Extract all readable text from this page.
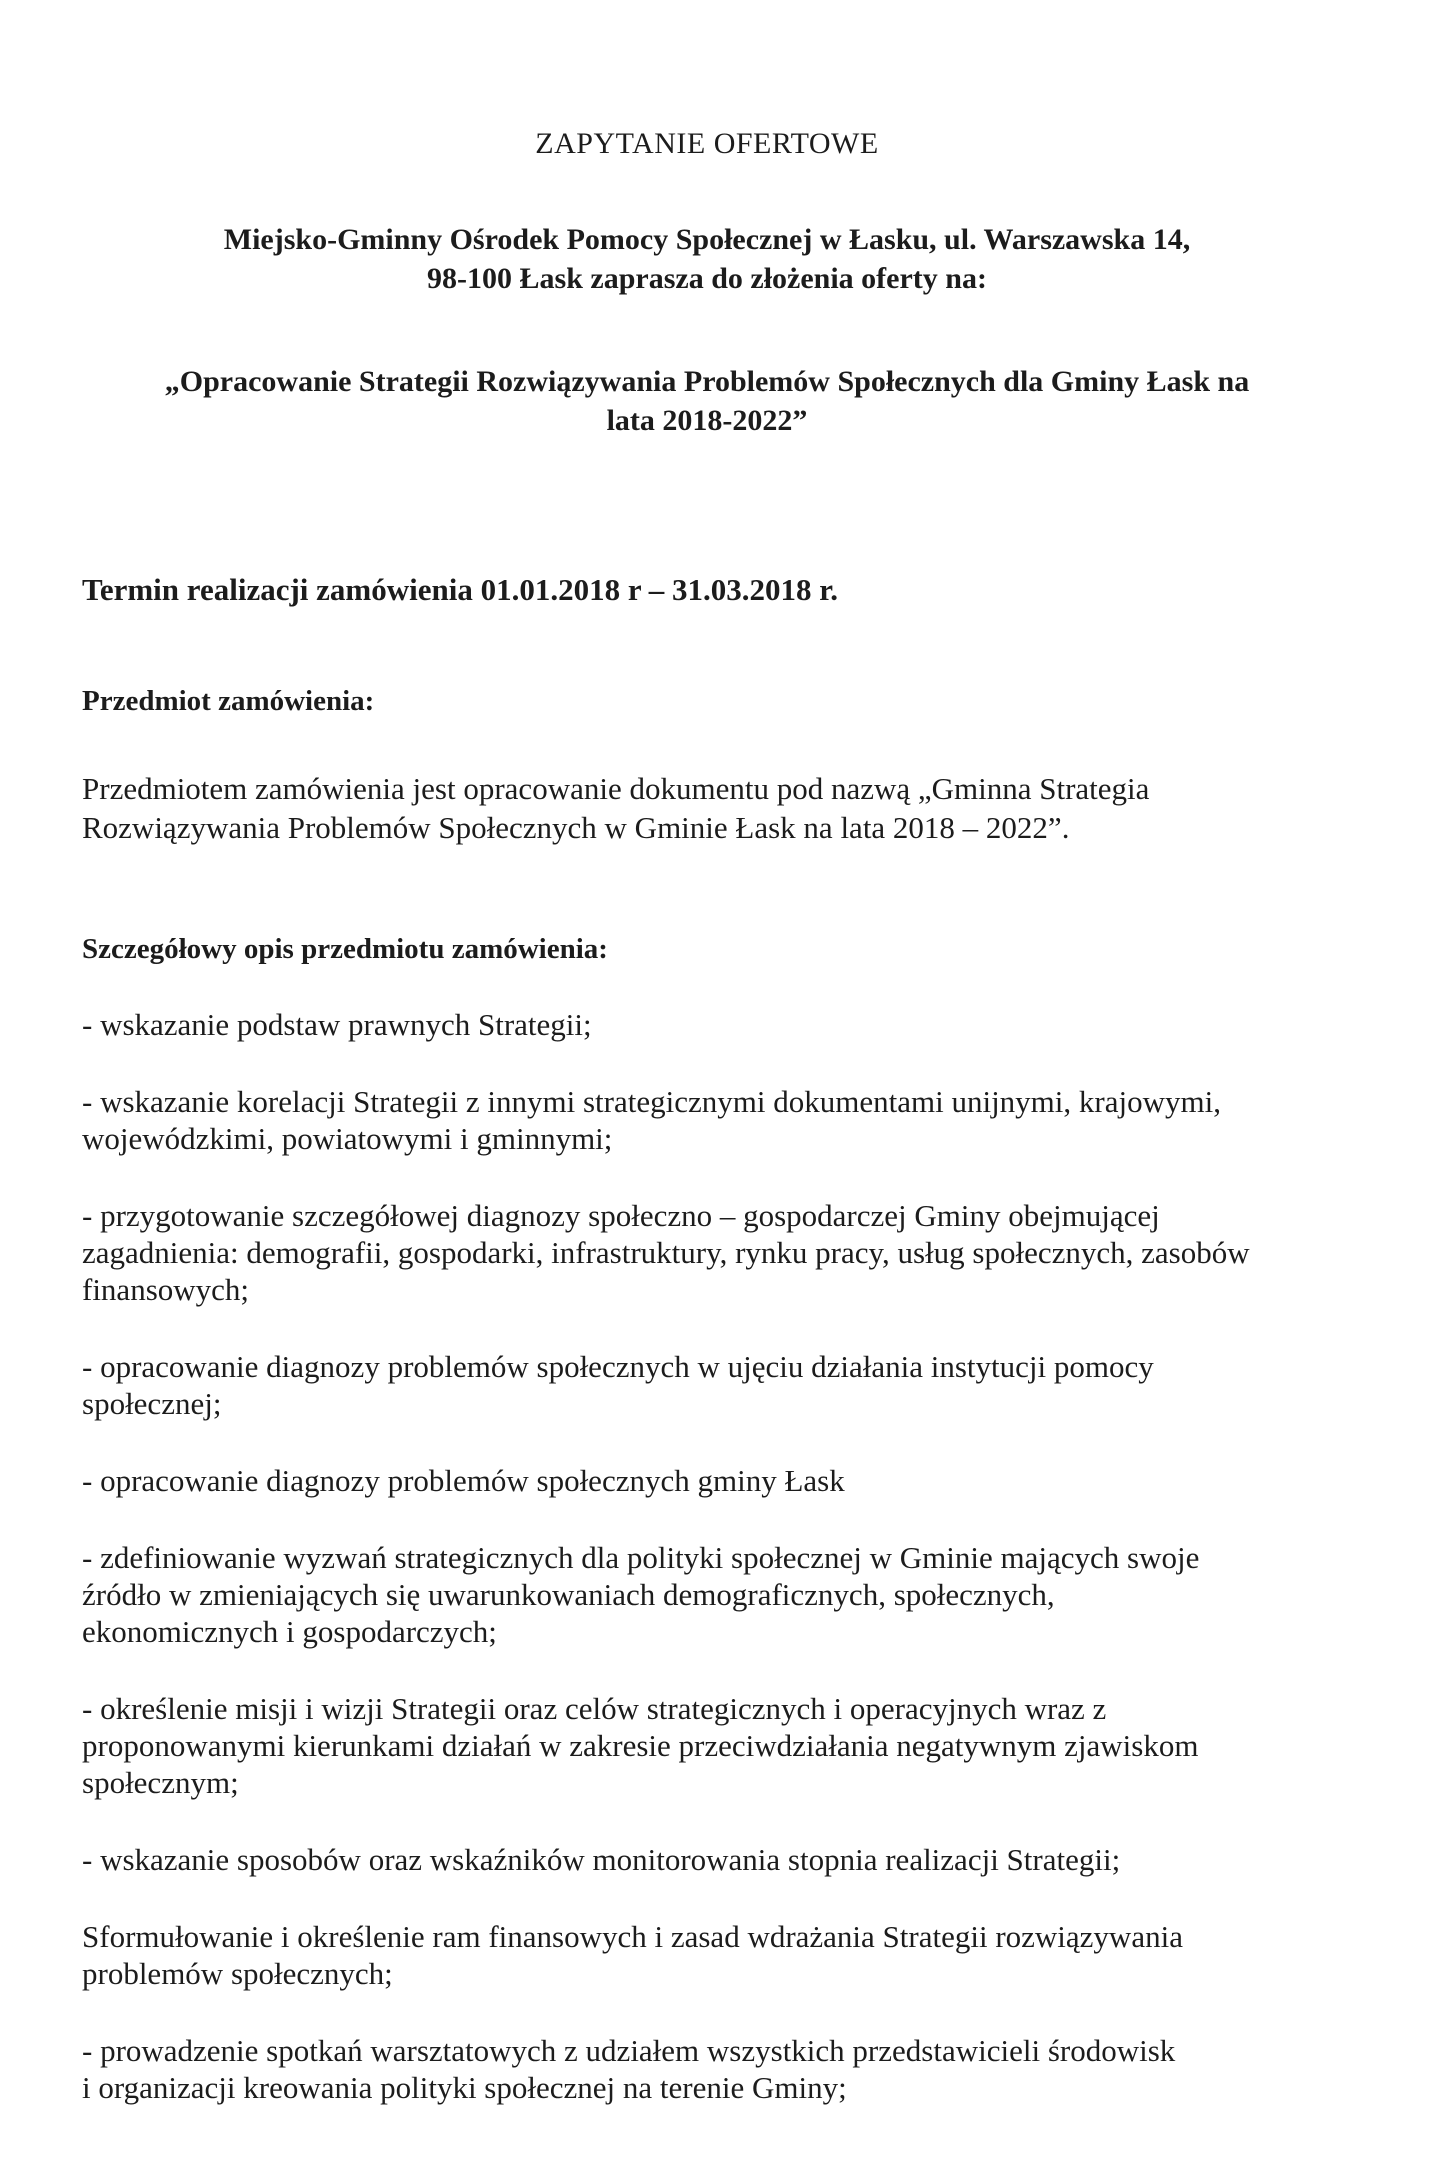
ZAPYTANIE OFERTOWE

Miejsko-Gminny Ośrodek Pomocy Społecznej w Łasku, ul. Warszawska 14,

98-100 Łask zaprasza do złożenia oferty na:

„Opracowanie Strategii Rozwiązywania Problemów Społecznych dla Gminy Łask na

lata 2018-2022”

Termin realizacji zamówienia 01.01.2018 r – 31.03.2018 r.

Przedmiot zamówienia:

Przedmiotem zamówienia jest opracowanie dokumentu pod nazwą „Gminna Strategia

Rozwiązywania Problemów Społecznych w Gminie Łask na lata 2018 – 2022”.

Szczegółowy opis przedmiotu zamówienia:

- wskazanie podstaw prawnych Strategii;

- wskazanie korelacji Strategii z innymi strategicznymi dokumentami unijnymi, krajowymi,
wojewódzkimi, powiatowymi i gminnymi;

- przygotowanie szczegółowej diagnozy społeczno – gospodarczej Gminy obejmującej
zagadnienia: demografii, gospodarki, infrastruktury, rynku pracy, usług społecznych, zasobów
finansowych;

- opracowanie diagnozy problemów społecznych w ujęciu działania instytucji pomocy
społecznej;

- opracowanie diagnozy problemów społecznych gminy Łask

- zdefiniowanie wyzwań strategicznych dla polityki społecznej w Gminie mających swoje
źródło w zmieniających się uwarunkowaniach demograficznych, społecznych,
ekonomicznych i gospodarczych;

- określenie misji i wizji Strategii oraz celów strategicznych i operacyjnych wraz z
proponowanymi kierunkami działań w zakresie przeciwdziałania negatywnym zjawiskom
społecznym;

- wskazanie sposobów oraz wskaźników monitorowania stopnia realizacji Strategii;

Sformułowanie i określenie ram finansowych i zasad wdrażania Strategii rozwiązywania
problemów społecznych;

- prowadzenie spotkań warsztatowych z udziałem wszystkich przedstawicieli środowisk
i organizacji kreowania polityki społecznej na terenie Gminy;
